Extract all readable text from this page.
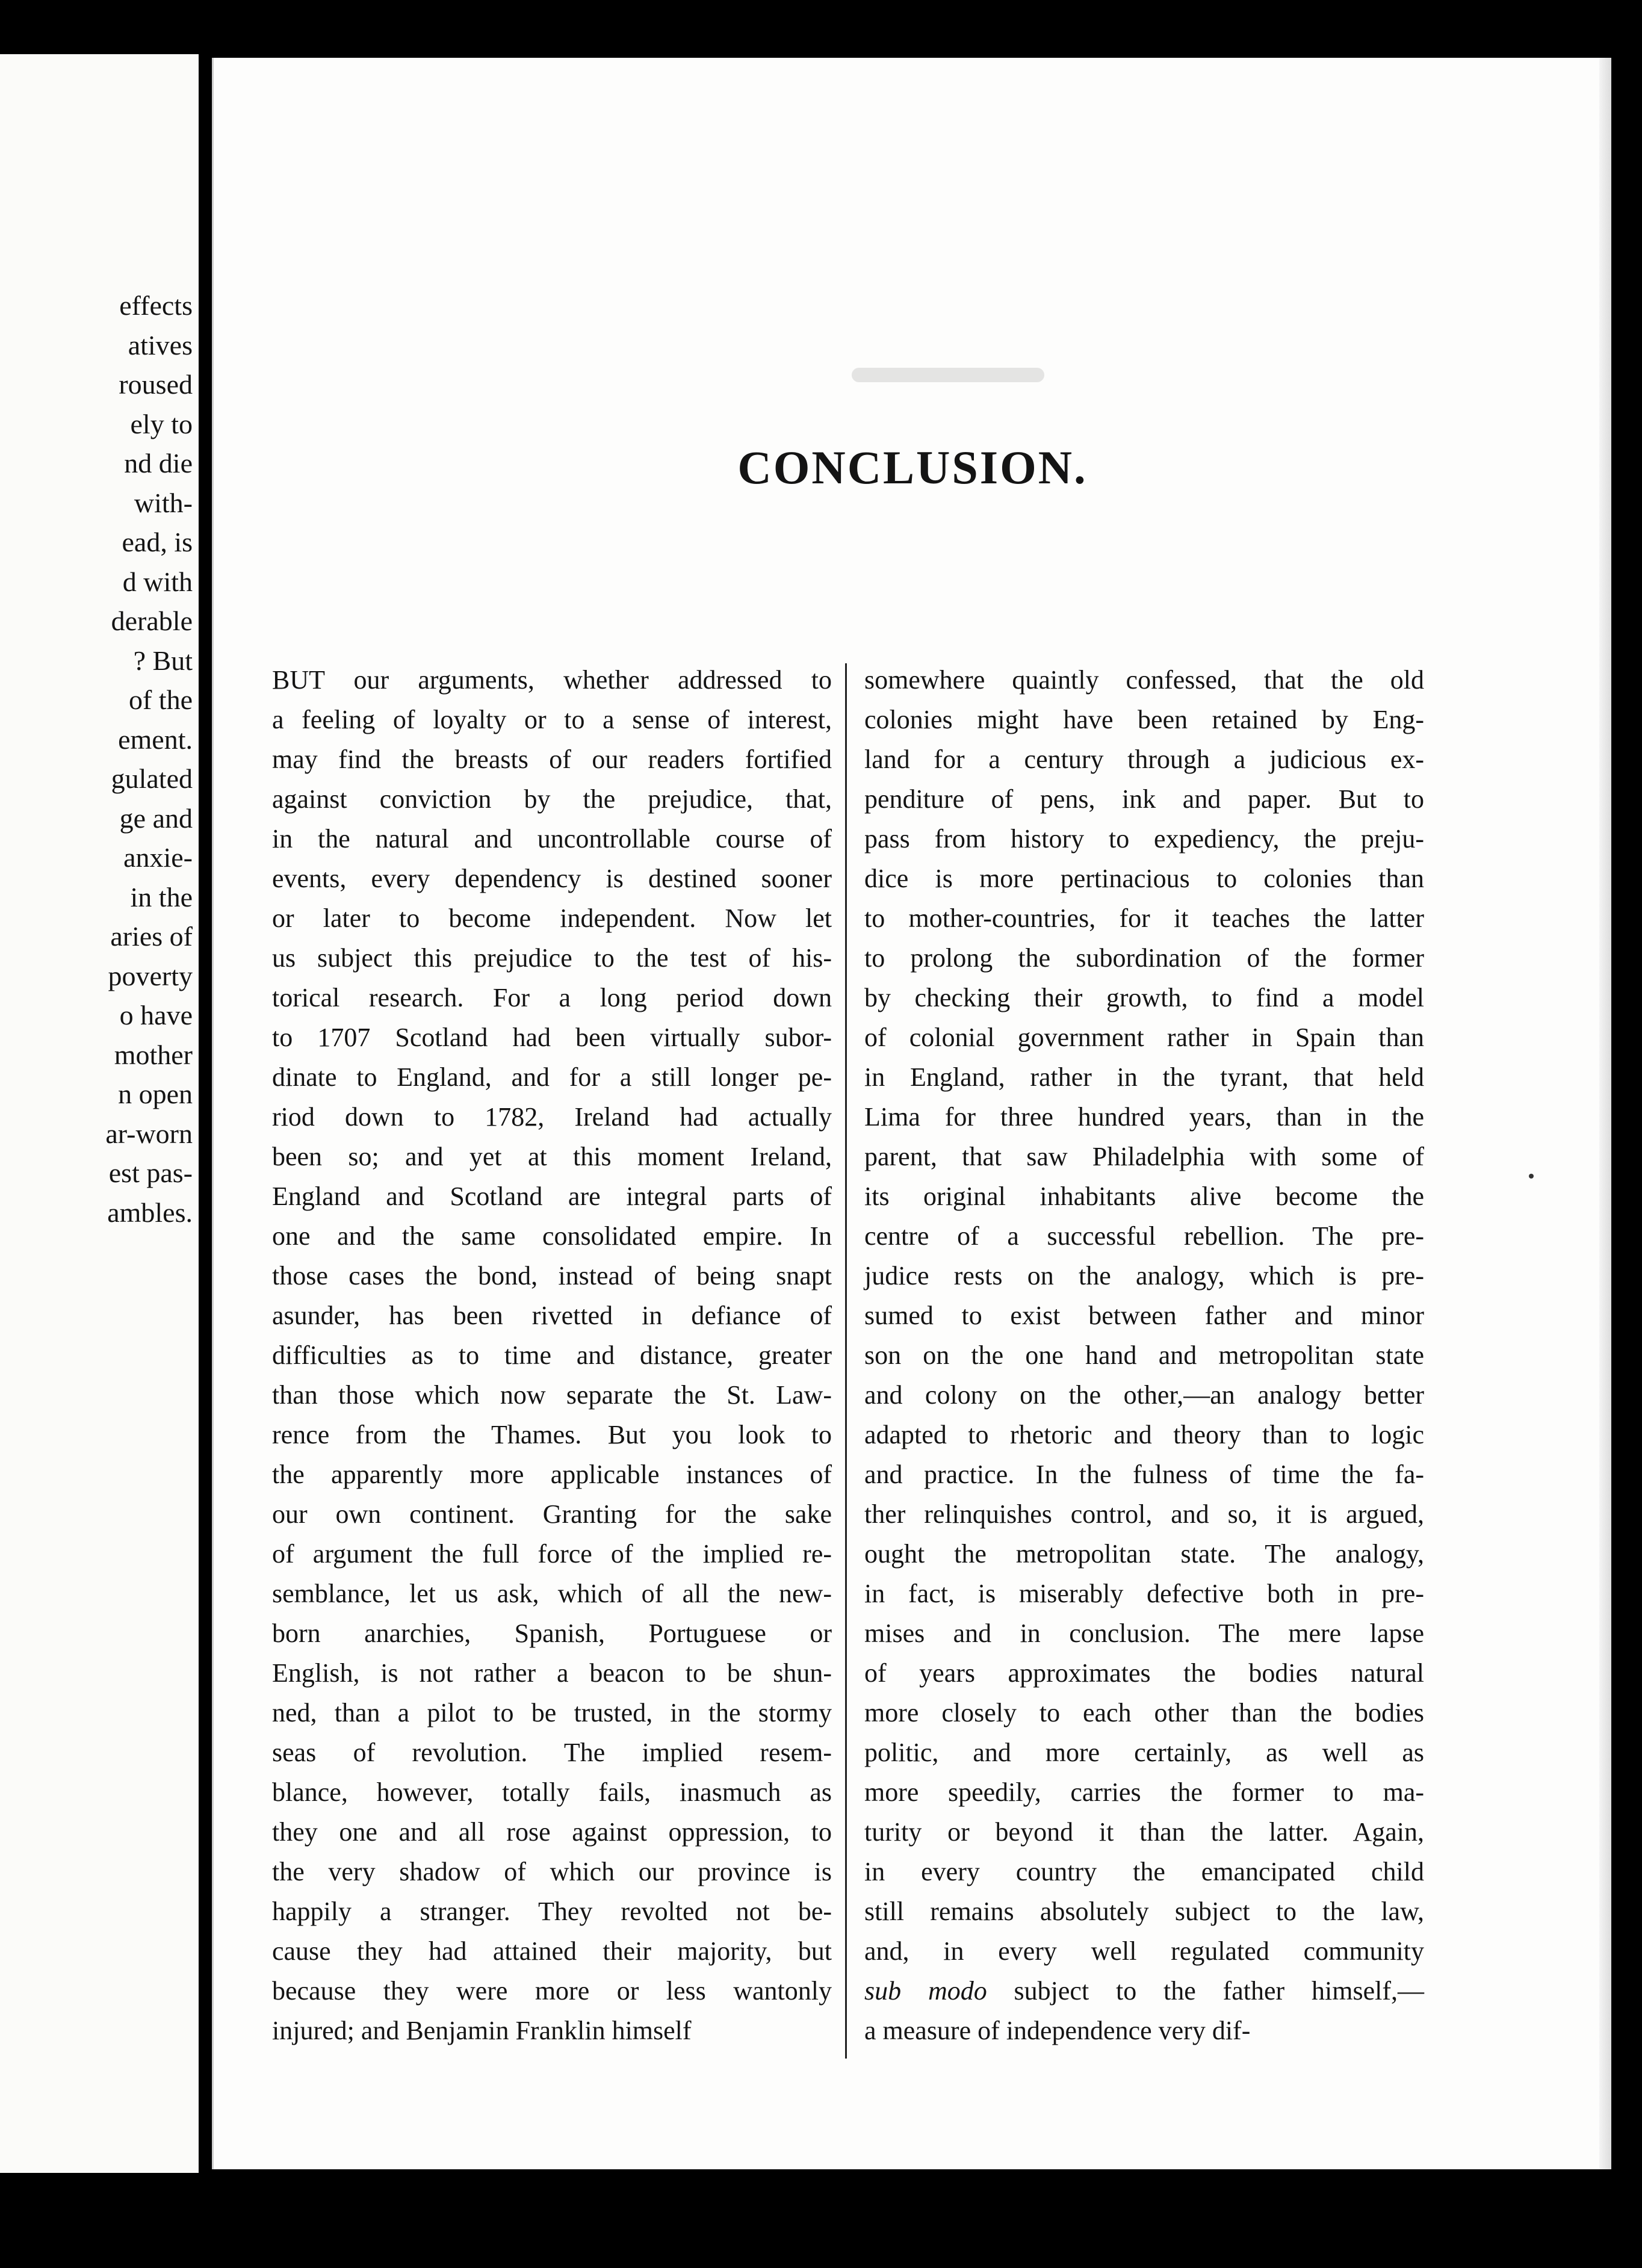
effects
atives
roused
ely to
nd die
with-
ead, is
d with
derable
? But
of the
ement.
gulated
ge and
anxie-
in the
aries of
poverty
o have
mother
n open
ar-worn
est pas-
ambles.
CONCLUSION.
BUT our arguments, whether addressed to
a feeling of loyalty or to a sense of interest,
may find the breasts of our readers fortified
against conviction by the prejudice, that,
in the natural and uncontrollable course of
events, every dependency is destined sooner
or later to become independent. Now let
us subject this prejudice to the test of his-
torical research. For a long period down
to 1707 Scotland had been virtually subor-
dinate to England, and for a still longer pe-
riod down to 1782, Ireland had actually
been so; and yet at this moment Ireland,
England and Scotland are integral parts of
one and the same consolidated empire. In
those cases the bond, instead of being snapt
asunder, has been rivetted in defiance of
difficulties as to time and distance, greater
than those which now separate the St. Law-
rence from the Thames. But you look to
the apparently more applicable instances of
our own continent. Granting for the sake
of argument the full force of the implied re-
semblance, let us ask, which of all the new-
born anarchies, Spanish, Portuguese or
English, is not rather a beacon to be shun-
ned, than a pilot to be trusted, in the stormy
seas of revolution. The implied resem-
blance, however, totally fails, inasmuch as
they one and all rose against oppression, to
the very shadow of which our province is
happily a stranger. They revolted not be-
cause they had attained their majority, but
because they were more or less wantonly
injured; and Benjamin Franklin himself
somewhere quaintly confessed, that the old
colonies might have been retained by Eng-
land for a century through a judicious ex-
penditure of pens, ink and paper. But to
pass from history to expediency, the preju-
dice is more pertinacious to colonies than
to mother-countries, for it teaches the latter
to prolong the subordination of the former
by checking their growth, to find a model
of colonial government rather in Spain than
in England, rather in the tyrant, that held
Lima for three hundred years, than in the
parent, that saw Philadelphia with some of
its original inhabitants alive become the
centre of a successful rebellion. The pre-
judice rests on the analogy, which is pre-
sumed to exist between father and minor
son on the one hand and metropolitan state
and colony on the other,—an analogy better
adapted to rhetoric and theory than to logic
and practice. In the fulness of time the fa-
ther relinquishes control, and so, it is argued,
ought the metropolitan state. The analogy,
in fact, is miserably defective both in pre-
mises and in conclusion. The mere lapse
of years approximates the bodies natural
more closely to each other than the bodies
politic, and more certainly, as well as
more speedily, carries the former to ma-
turity or beyond it than the latter. Again,
in every country the emancipated child
still remains absolutely subject to the law,
and, in every well regulated community
sub modo subject to the father himself,—
a measure of independence very dif-
